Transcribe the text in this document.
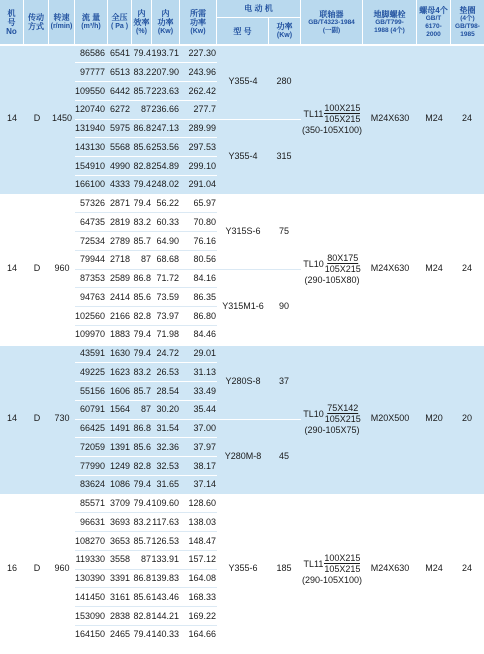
机
号
No
传动
方式
转速
(r/min)
流 量
(m³/h)
全压
( Pa )
内
效率
(%)
内
功率
(Kw)
所需
功率
(Kw)
电 动 机
型 号	功率
(Kw)
联轴器
GB/T4323-1984
(一副)
地脚螺栓
GB/T799-
1988 (4个)
螺母4个
GB/T
6170-
2000
垫圈
(4个)
GB/T98-
1985
14 D 1450
86586 6541 79.4 193.71 227.30
97777 6513 83.2 207.90 243.96
109550 6442 85.7 223.63 262.42
120740 6272 87 236.66 277.7
131940 5975 86.8 247.13 289.99
143130 5568 85.6 253.56 297.53
154910 4990 82.8 254.89 299.10
166100 4333 79.4 248.02 291.04
Y355-4 280
Y355-4 315
TL11
100X215
105X215
(350-105X100)
M24X630 M24 24
14 D 960
57326 2871 79.4 56.22 65.97
64735 2819 83.2 60.33 70.80
72534 2789 85.7 64.90 76.16
79944 2718 87 68.68 80.56
87353 2589 86.8 71.72 84.16
94763 2414 85.6 73.59 86.35
102560 2166 82.8 73.97 86.80
109970 1883 79.4 71.98 84.46
Y315S-6 75
Y315M1-6 90
TL10
80X175
105X215
(290-105X80)
M24X630 M24 24
14 D 730
43591 1630 79.4 24.72 29.01
49225 1623 83.2 26.53 31.13
55156 1606 85.7 28.54 33.49
60791 1564 87 30.20 35.44
66425 1491 86.8 31.54 37.00
72059 1391 85.6 32.36 37.97
77990 1249 82.8 32.53 38.17
83624 1086 79.4 31.65 37.14
Y280S-8 37
Y280M-8 45
TL10
75X142
105X215
(290-105X75)
M20X500 M20 20
16 D 960
85571 3709 79.4 109.60 128.60
96631 3693 83.2 117.63 138.03
108270 3653 85.7 126.53 148.47
119330 3558 87 133.91 157.12
130390 3391 86.8 139.83 164.08
141450 3161 85.6 143.46 168.33
153090 2838 82.8 144.21 169.22
164150 2465 79.4 140.33 164.66
Y355-6 185 TL11
100X215
105X215
(290-105X100)
M24X630 M24 24
